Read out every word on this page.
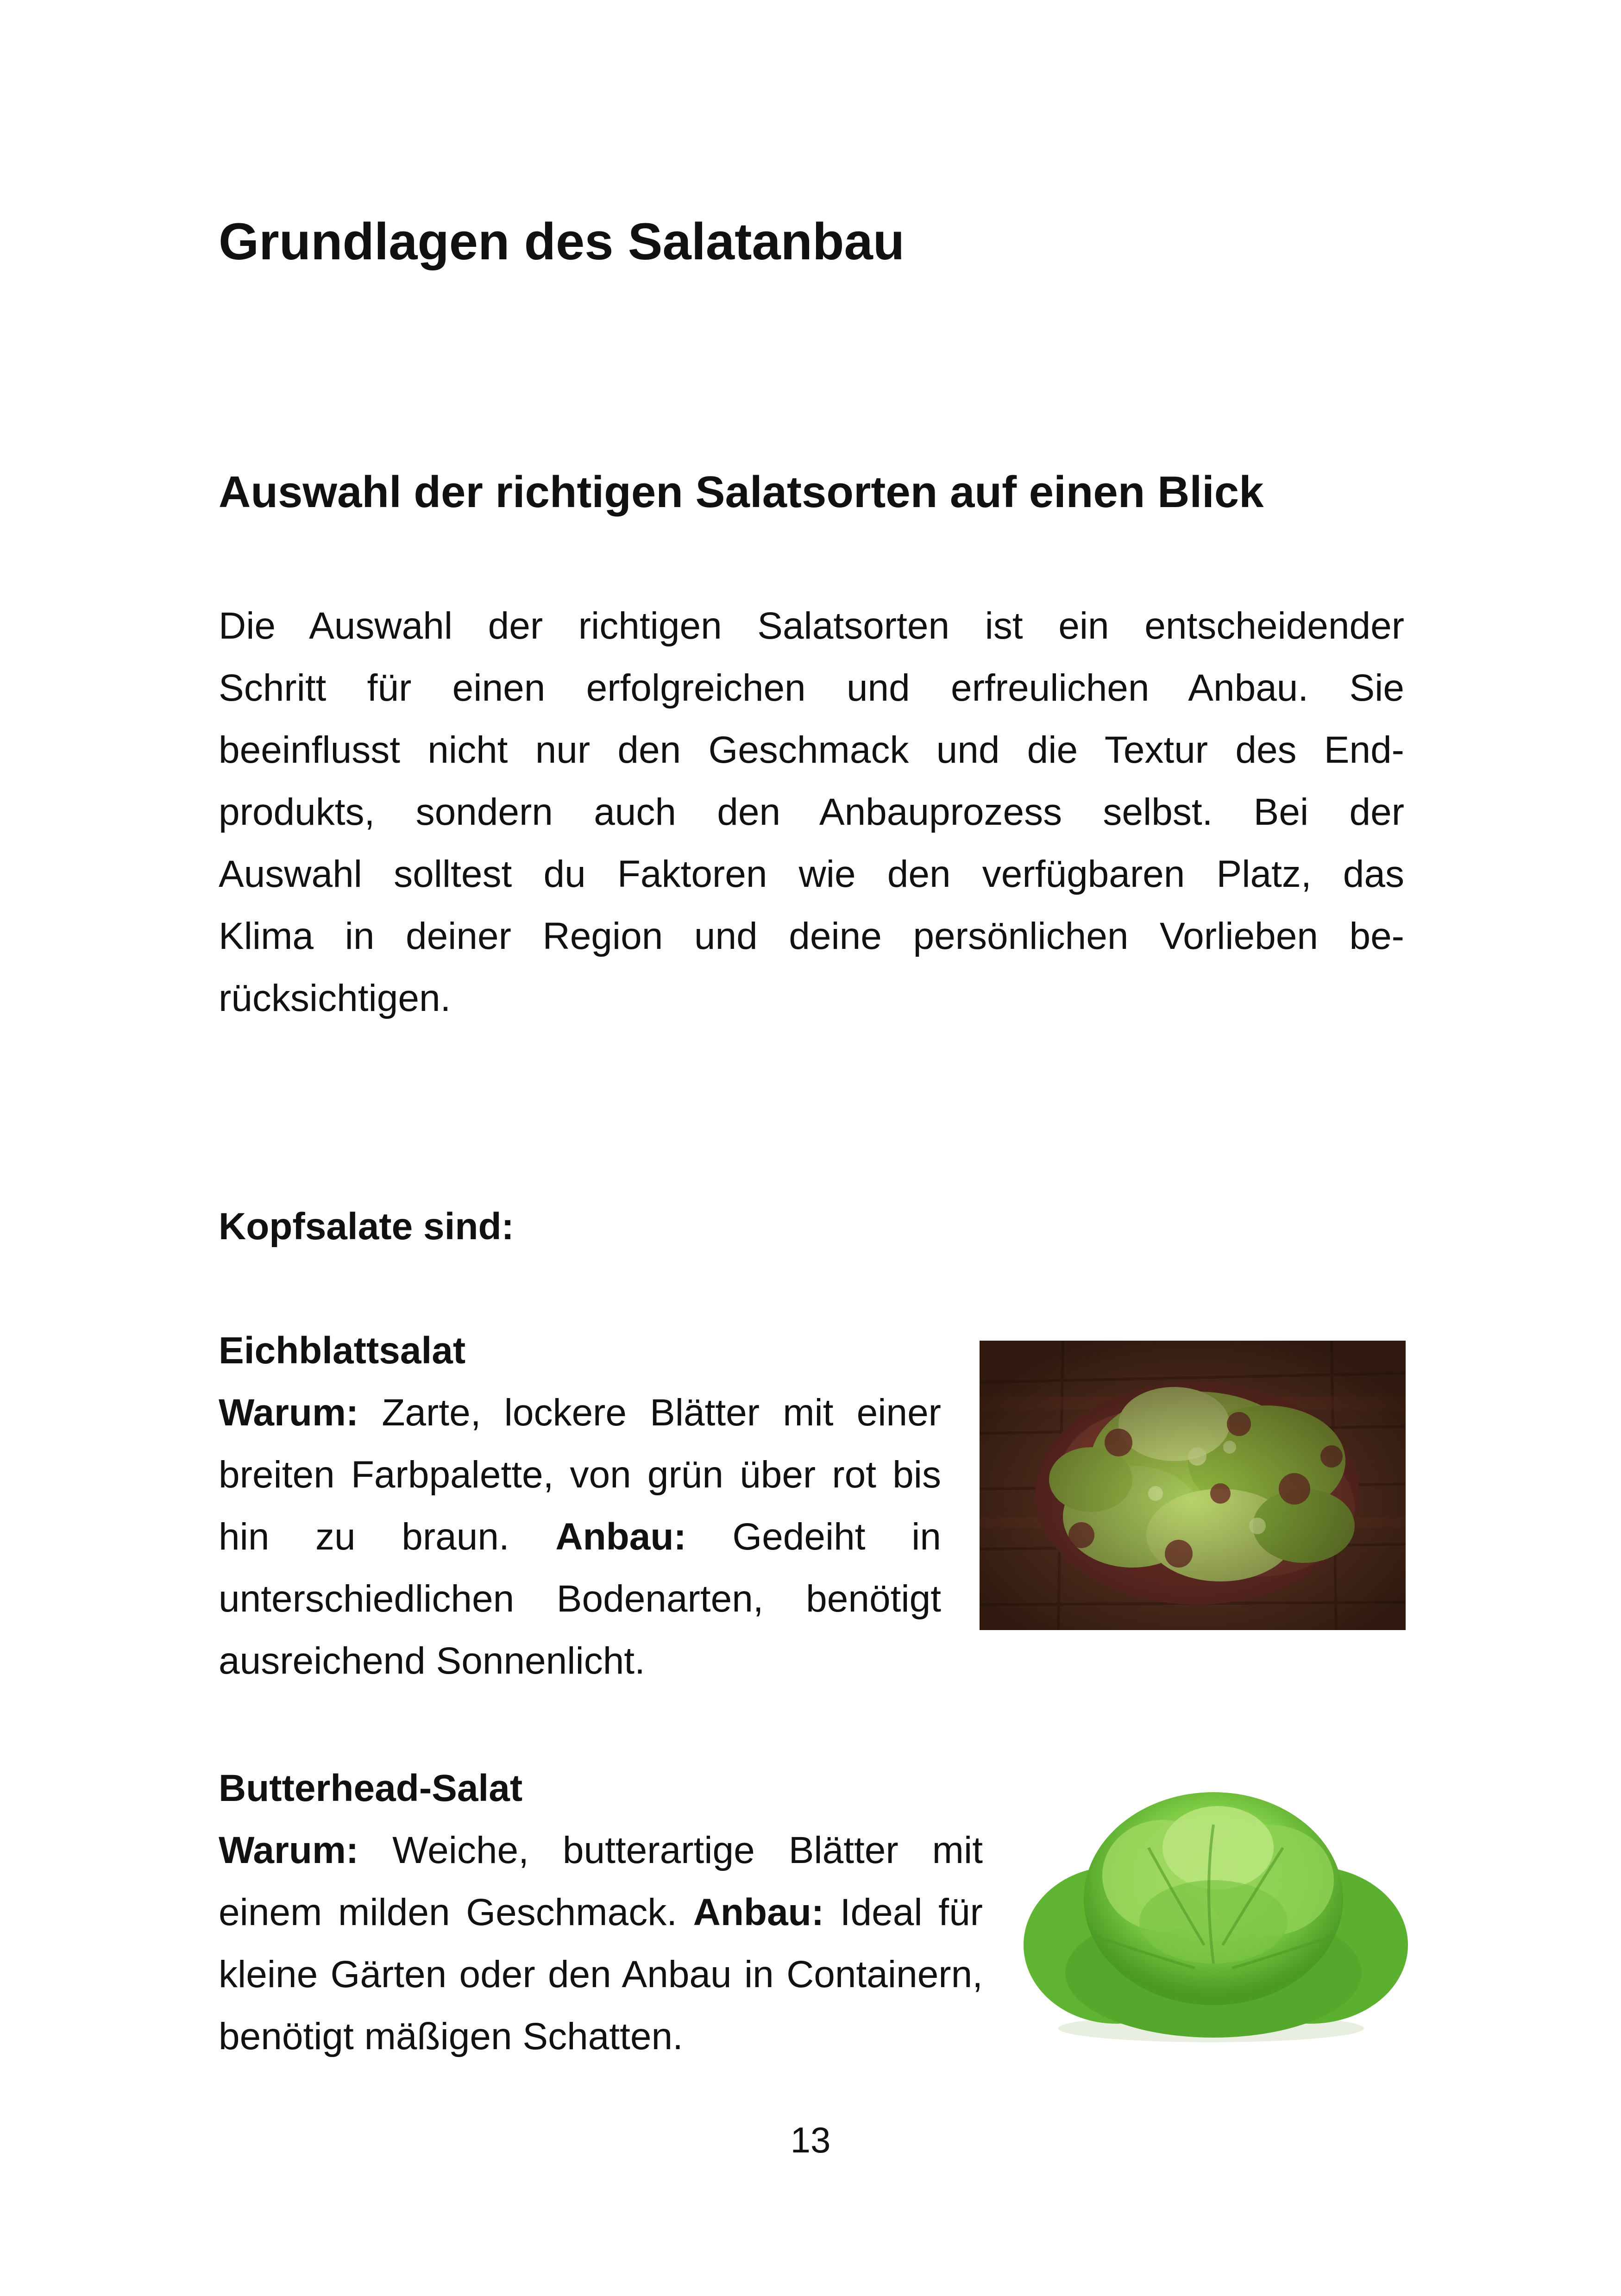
Grundlagen des Salatanbau
Auswahl der richtigen Salatsorten auf einen Blick

Die Auswahl der richtigen Salatsorten ist ein entscheidender
Schritt für einen erfolgreichen und erfreulichen Anbau. Sie
beeinflusst nicht nur den Geschmack und die Textur des End-
produkts, sondern auch den Anbauprozess selbst. Bei der
Auswahl solltest du Faktoren wie den verfügbaren Platz, das
Klima in deiner Region und deine persönlichen Vorlieben be-
rücksichtigen.

Kopfsalate sind:
Eichblattsalat

Warum: Zarte, lockere Blätter mit einer breiten Farbpalette, von grün über rot bis hin zu braun. Anbau: Gedeiht in unterschiedlichen Bodenarten, benötigt ausreichend Sonnenlicht.

Butterhead-Salat

Warum: Weiche, butterartige Blätter mit einem milden Geschmack. Anbau: Ideal für kleine Gärten oder den Anbau in Containern, benötigt mäßigen Schatten.

13
